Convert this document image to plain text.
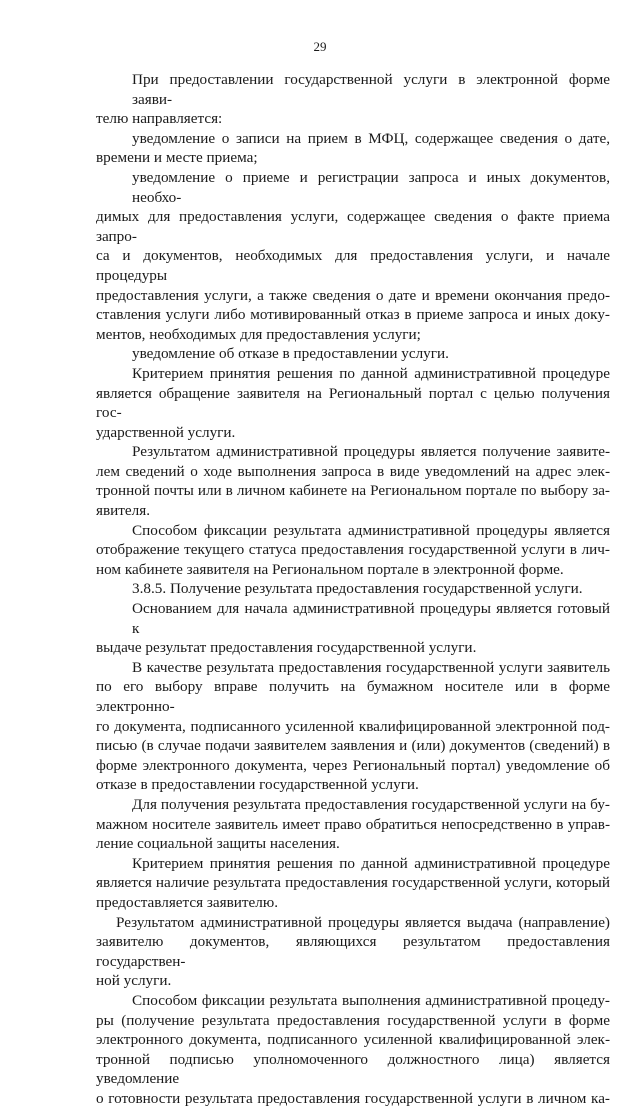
29
При предоставлении государственной услуги в электронной форме заяви-
телю направляется:
уведомление о записи на прием в МФЦ, содержащее сведения о дате,
времени и месте приема;
уведомление о приеме и регистрации запроса и иных документов, необхо-
димых для предоставления услуги, содержащее сведения о факте приема запро-
са и документов, необходимых для предоставления услуги, и начале процедуры
предоставления услуги, а также сведения о дате и времени окончания предо-
ставления услуги либо мотивированный отказ в приеме запроса и иных доку-
ментов, необходимых для предоставления услуги;
уведомление об отказе в предоставлении услуги.
Критерием принятия решения по данной административной процедуре
является обращение заявителя на Региональный портал с целью получения гос-
ударственной услуги.
Результатом административной процедуры является получение заявите-
лем сведений о ходе выполнения запроса в виде уведомлений на адрес элек-
тронной почты или в личном кабинете на Региональном портале по выбору за-
явителя.
Способом фиксации результата административной процедуры является
отображение текущего статуса предоставления государственной услуги в лич-
ном кабинете заявителя на Региональном портале в электронной форме.
3.8.5. Получение результата предоставления государственной услуги.
Основанием для начала административной процедуры является готовый к
выдаче результат предоставления государственной услуги.
В качестве результата предоставления государственной услуги заявитель
по его выбору вправе получить на бумажном носителе или в форме электронно-
го документа, подписанного усиленной квалифицированной электронной под-
писью (в случае подачи заявителем заявления и (или) документов (сведений) в
форме электронного документа, через Региональный портал) уведомление об
отказе в предоставлении государственной услуги.
Для получения результата предоставления государственной услуги на бу-
мажном носителе заявитель имеет право обратиться непосредственно в управ-
ление социальной защиты населения.
Критерием принятия решения по данной административной процедуре
является наличие результата предоставления государственной услуги, который
предоставляется заявителю.
Результатом административной процедуры является выдача (направление)
заявителю документов, являющихся результатом предоставления государствен-
ной услуги.
Способом фиксации результата выполнения административной процеду-
ры (получение результата предоставления государственной услуги в форме
электронного документа, подписанного усиленной квалифицированной элек-
тронной подписью уполномоченного должностного лица) является уведомление
о готовности результата предоставления государственной услуги в личном ка-
